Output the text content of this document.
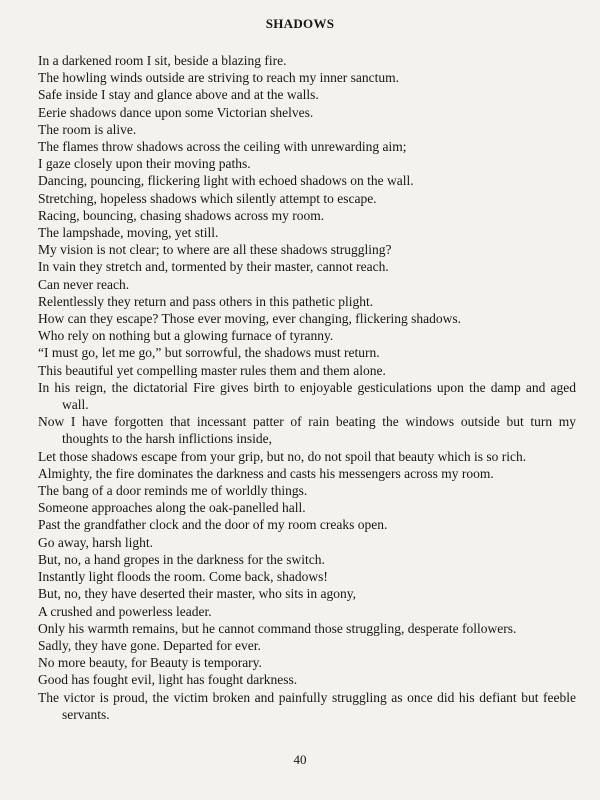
SHADOWS
In a darkened room I sit, beside a blazing fire.
The howling winds outside are striving to reach my inner sanctum.
Safe inside I stay and glance above and at the walls.
Eerie shadows dance upon some Victorian shelves.
The room is alive.
The flames throw shadows across the ceiling with unrewarding aim;
I gaze closely upon their moving paths.
Dancing, pouncing, flickering light with echoed shadows on the wall.
Stretching, hopeless shadows which silently attempt to escape.
Racing, bouncing, chasing shadows across my room.
The lampshade, moving, yet still.
My vision is not clear; to where are all these shadows struggling?
In vain they stretch and, tormented by their master, cannot reach.
Can never reach.
Relentlessly they return and pass others in this pathetic plight.
How can they escape? Those ever moving, ever changing, flickering shadows.
Who rely on nothing but a glowing furnace of tyranny.
“I must go, let me go,” but sorrowful, the shadows must return.
This beautiful yet compelling master rules them and them alone.
In his reign, the dictatorial Fire gives birth to enjoyable gesticulations upon the damp and aged wall.
Now I have forgotten that incessant patter of rain beating the windows outside but turn my thoughts to the harsh inflictions inside,
Let those shadows escape from your grip, but no, do not spoil that beauty which is so rich.
Almighty, the fire dominates the darkness and casts his messengers across my room.
The bang of a door reminds me of worldly things.
Someone approaches along the oak-panelled hall.
Past the grandfather clock and the door of my room creaks open.
Go away, harsh light.
But, no, a hand gropes in the darkness for the switch.
Instantly light floods the room. Come back, shadows!
But, no, they have deserted their master, who sits in agony,
A crushed and powerless leader.
Only his warmth remains, but he cannot command those struggling, desperate followers.
Sadly, they have gone. Departed for ever.
No more beauty, for Beauty is temporary.
Good has fought evil, light has fought darkness.
The victor is proud, the victim broken and painfully struggling as once did his defiant but feeble servants.
40
